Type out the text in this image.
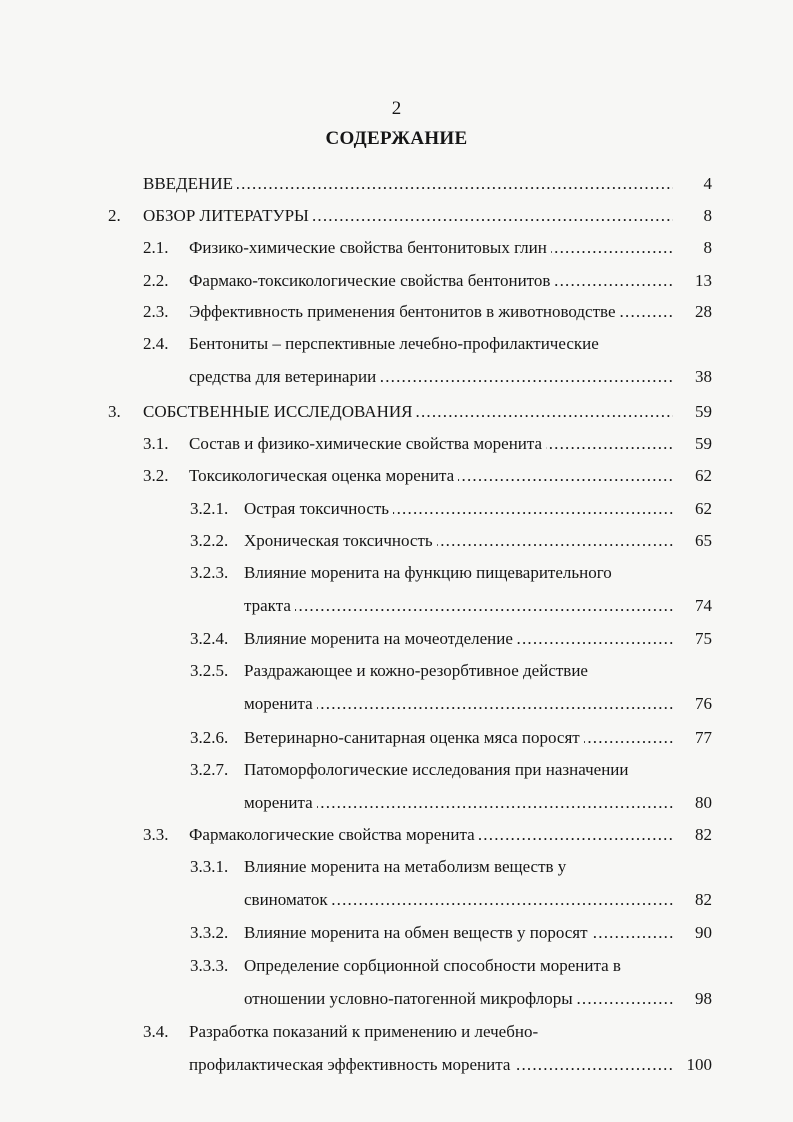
2
СОДЕРЖАНИЕ
ВВЕДЕНИЕ .....	4
2. ОБЗОР ЛИТЕРАТУРЫ .....	8
2.1. Физико-химические свойства бентонитовых глин .....	8
2.2. Фармако-токсикологические свойства бентонитов .....	13
2.3. Эффективность применения бентонитов в животноводстве .....	28
2.4. Бентониты – перспективные лечебно-профилактические
средства для ветеринарии .....	38
3. СОБСТВЕННЫЕ ИССЛЕДОВАНИЯ .....	59
3.1. Состав и физико-химические свойства моренита .....	59
3.2. Токсикологическая оценка моренита .....	62
3.2.1. Острая токсичность .....	62
3.2.2. Хроническая токсичность .....	65
3.2.3. Влияние моренита на функцию пищеварительного
тракта .....	74
3.2.4. Влияние моренита на мочеотделение .....	75
3.2.5. Раздражающее и кожно-резорбтивное действие
моренита .....	76
3.2.6. Ветеринарно-санитарная оценка мяса поросят .....	77
3.2.7. Патоморфологические исследования при назначении
моренита .....	80
3.3. Фармакологические свойства моренита .....	82
3.3.1. Влияние моренита на метаболизм веществ у
свиноматок .....	82
3.3.2. Влияние моренита на обмен веществ у поросят .....	90
3.3.3. Определение сорбционной способности моренита в
отношении условно-патогенной микрофлоры .....	98
3.4. Разработка показаний к применению и лечебно-
профилактическая эффективность моренита .....	100
